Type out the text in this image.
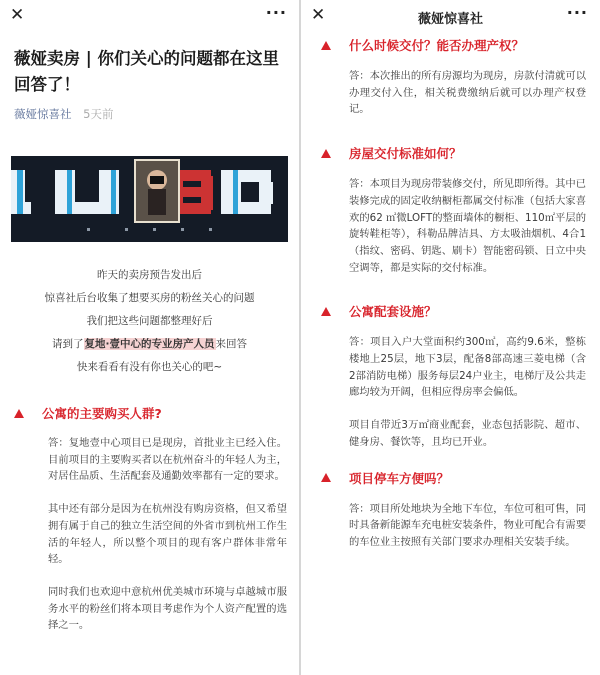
✕	···
薇娅卖房 | 你们关心的问题都在这里回答了！
薇娅惊喜社 5天前

昨天的卖房预告发出后

惊喜社后台收集了想要买房的粉丝关心的问题

我们把这些问题都整理好后

请到了复地·壹中心的专业房产人员来回答

快来看看有没有你也关心的吧~

公寓的主要购买人群?

答：复地壹中心项目已是现房，首批业主已经入住。目前项目的主要购买者以在杭州奋斗的年轻人为主，对居住品质、生活配套及通勤效率都有一定的要求。

其中还有部分是因为在杭州没有购房资格，但又希望拥有属于自己的独立生活空间的外省市到杭州工作生活的年轻人，所以整个项目的现有客户群体非常年轻。

同时我们也欢迎中意杭州优美城市环境与卓越城市服务水平的粉丝们将本项目考虑作为个人资产配置的选择之一。

✕	薇娅惊喜社	···
什么时候交付？能否办理产权？

答：本次推出的所有房源均为现房，房款付清就可以办理交付入住，相关税费缴纳后就可以办理产权登记。

房屋交付标准如何？

答：本项目为现房带装修交付，所见即所得。其中已装修完成的固定收纳橱柜都属交付标准（包括大家喜欢的62 ㎡微LOFT的整面墙体的橱柜、110㎡平层的旋转鞋柜等），科勒品牌洁具、方太吸油烟机、4合1（指纹、密码、钥匙、刷卡）智能密码锁、日立中央空调等，都是实际的交付标准。

公寓配套设施？

答：项目入户大堂面积约300㎡，高约9.6米，整栋楼地上25层，地下3层，配备8部高速三菱电梯（含2部消防电梯）服务每层24户业主，电梯厅及公共走廊均较为开阔，但相应得房率会偏低。

项目自带近3万㎡商业配套，业态包括影院、超市、健身房、餐饮等，且均已开业。

项目停车方便吗？

答：项目所处地块为全地下车位，车位可租可售，同时具备新能源车充电桩安装条件，物业可配合有需要的车位业主按照有关部门要求办理相关安装手续。
